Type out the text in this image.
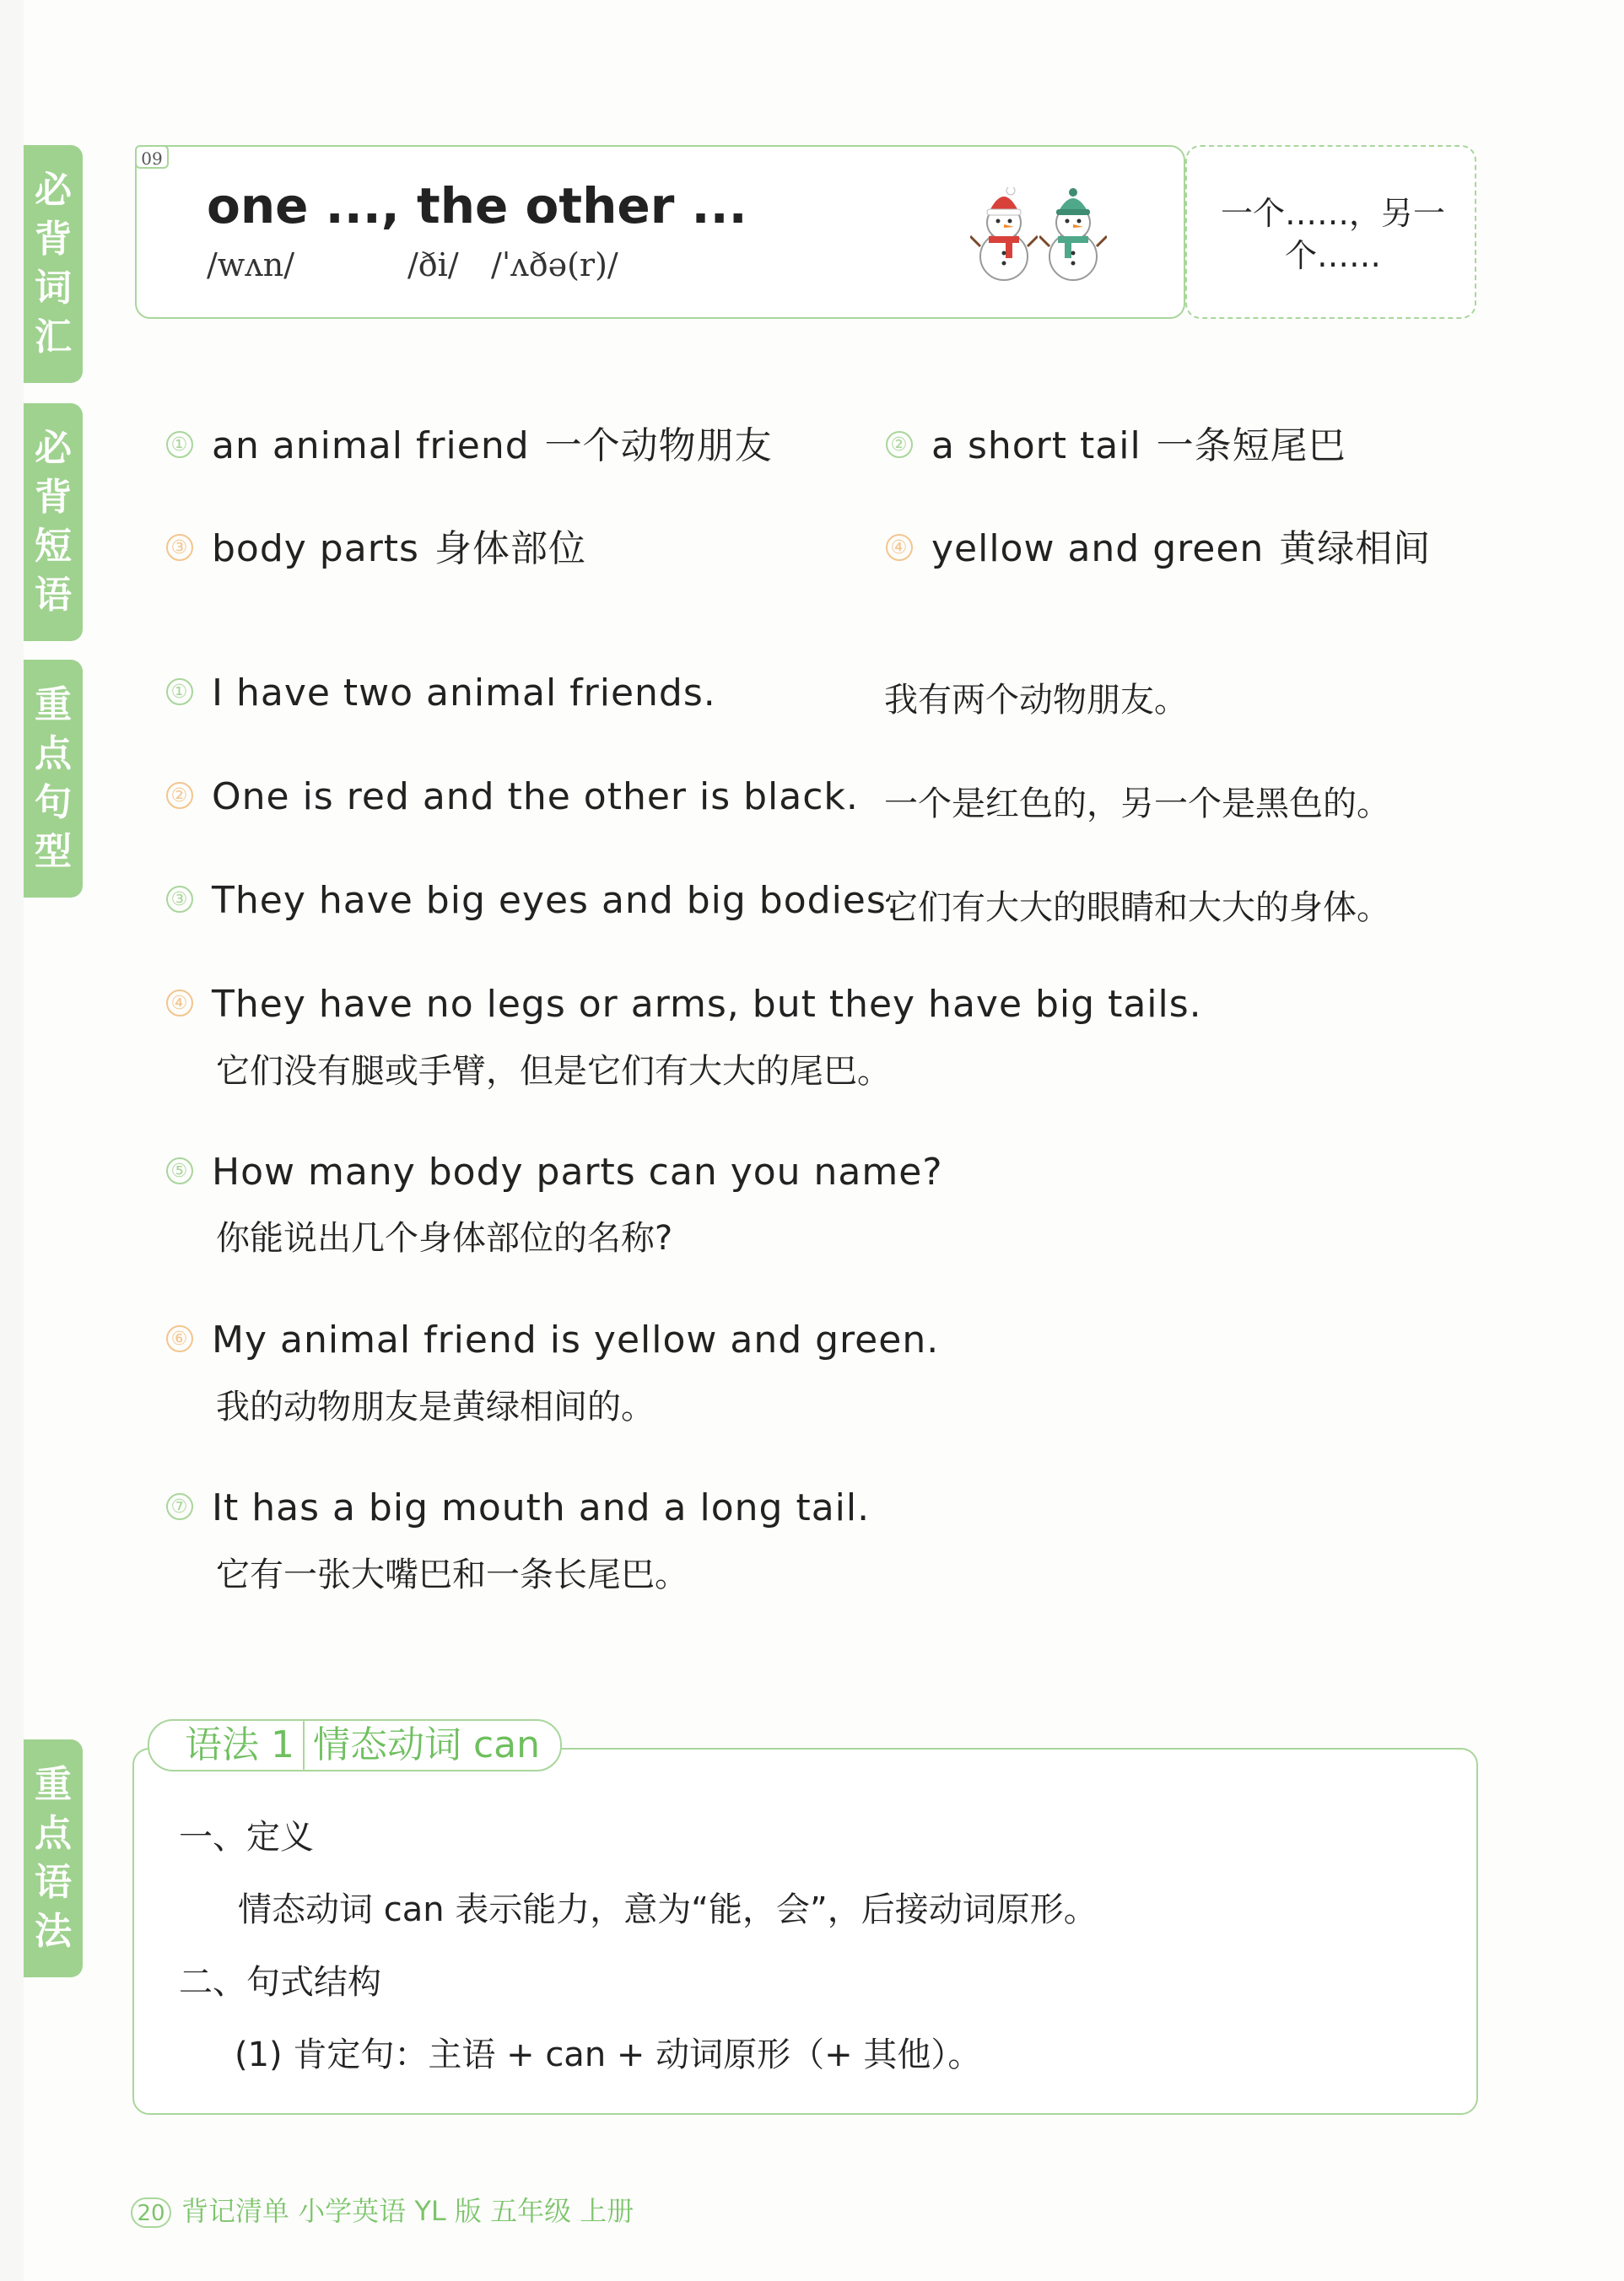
必
背
词
汇
必
背
短
语
重
点
句
型
重
点
语
法
09
one ..., the other ...
/wʌn/	/ði/ /ˈʌðə(r)/
一个……，另一
个……
① an animal friend 一个动物朋友	② a short tail 一条短尾巴
③ body parts 身体部位	④ yellow and green 黄绿相间
① I have two animal friends.	我有两个动物朋友。
② One is red and the other is black. 一个是红色的，另一个是黑色的。
③ They have big eyes and big bodies.
它们有大大的眼睛和大大的身体。
④ They have no legs or arms, but they have big tails.
它们没有腿或手臂，但是它们有大大的尾巴。
⑤ How many body parts can you name?
你能说出几个身体部位的名称?
⑥ My animal friend is yellow and green.
我的动物朋友是黄绿相间的。
⑦ It has a big mouth and a long tail.
它有一张大嘴巴和一条长尾巴。
语法 1 情态动词 can
一、定义
情态动词 can 表示能力，意为“能，会”，后接动词原形。
二、句式结构
(1) 肯定句：主语 + can + 动词原形（+ 其他）。
20 背记清单 小学英语 YL 版 五年级 上册
